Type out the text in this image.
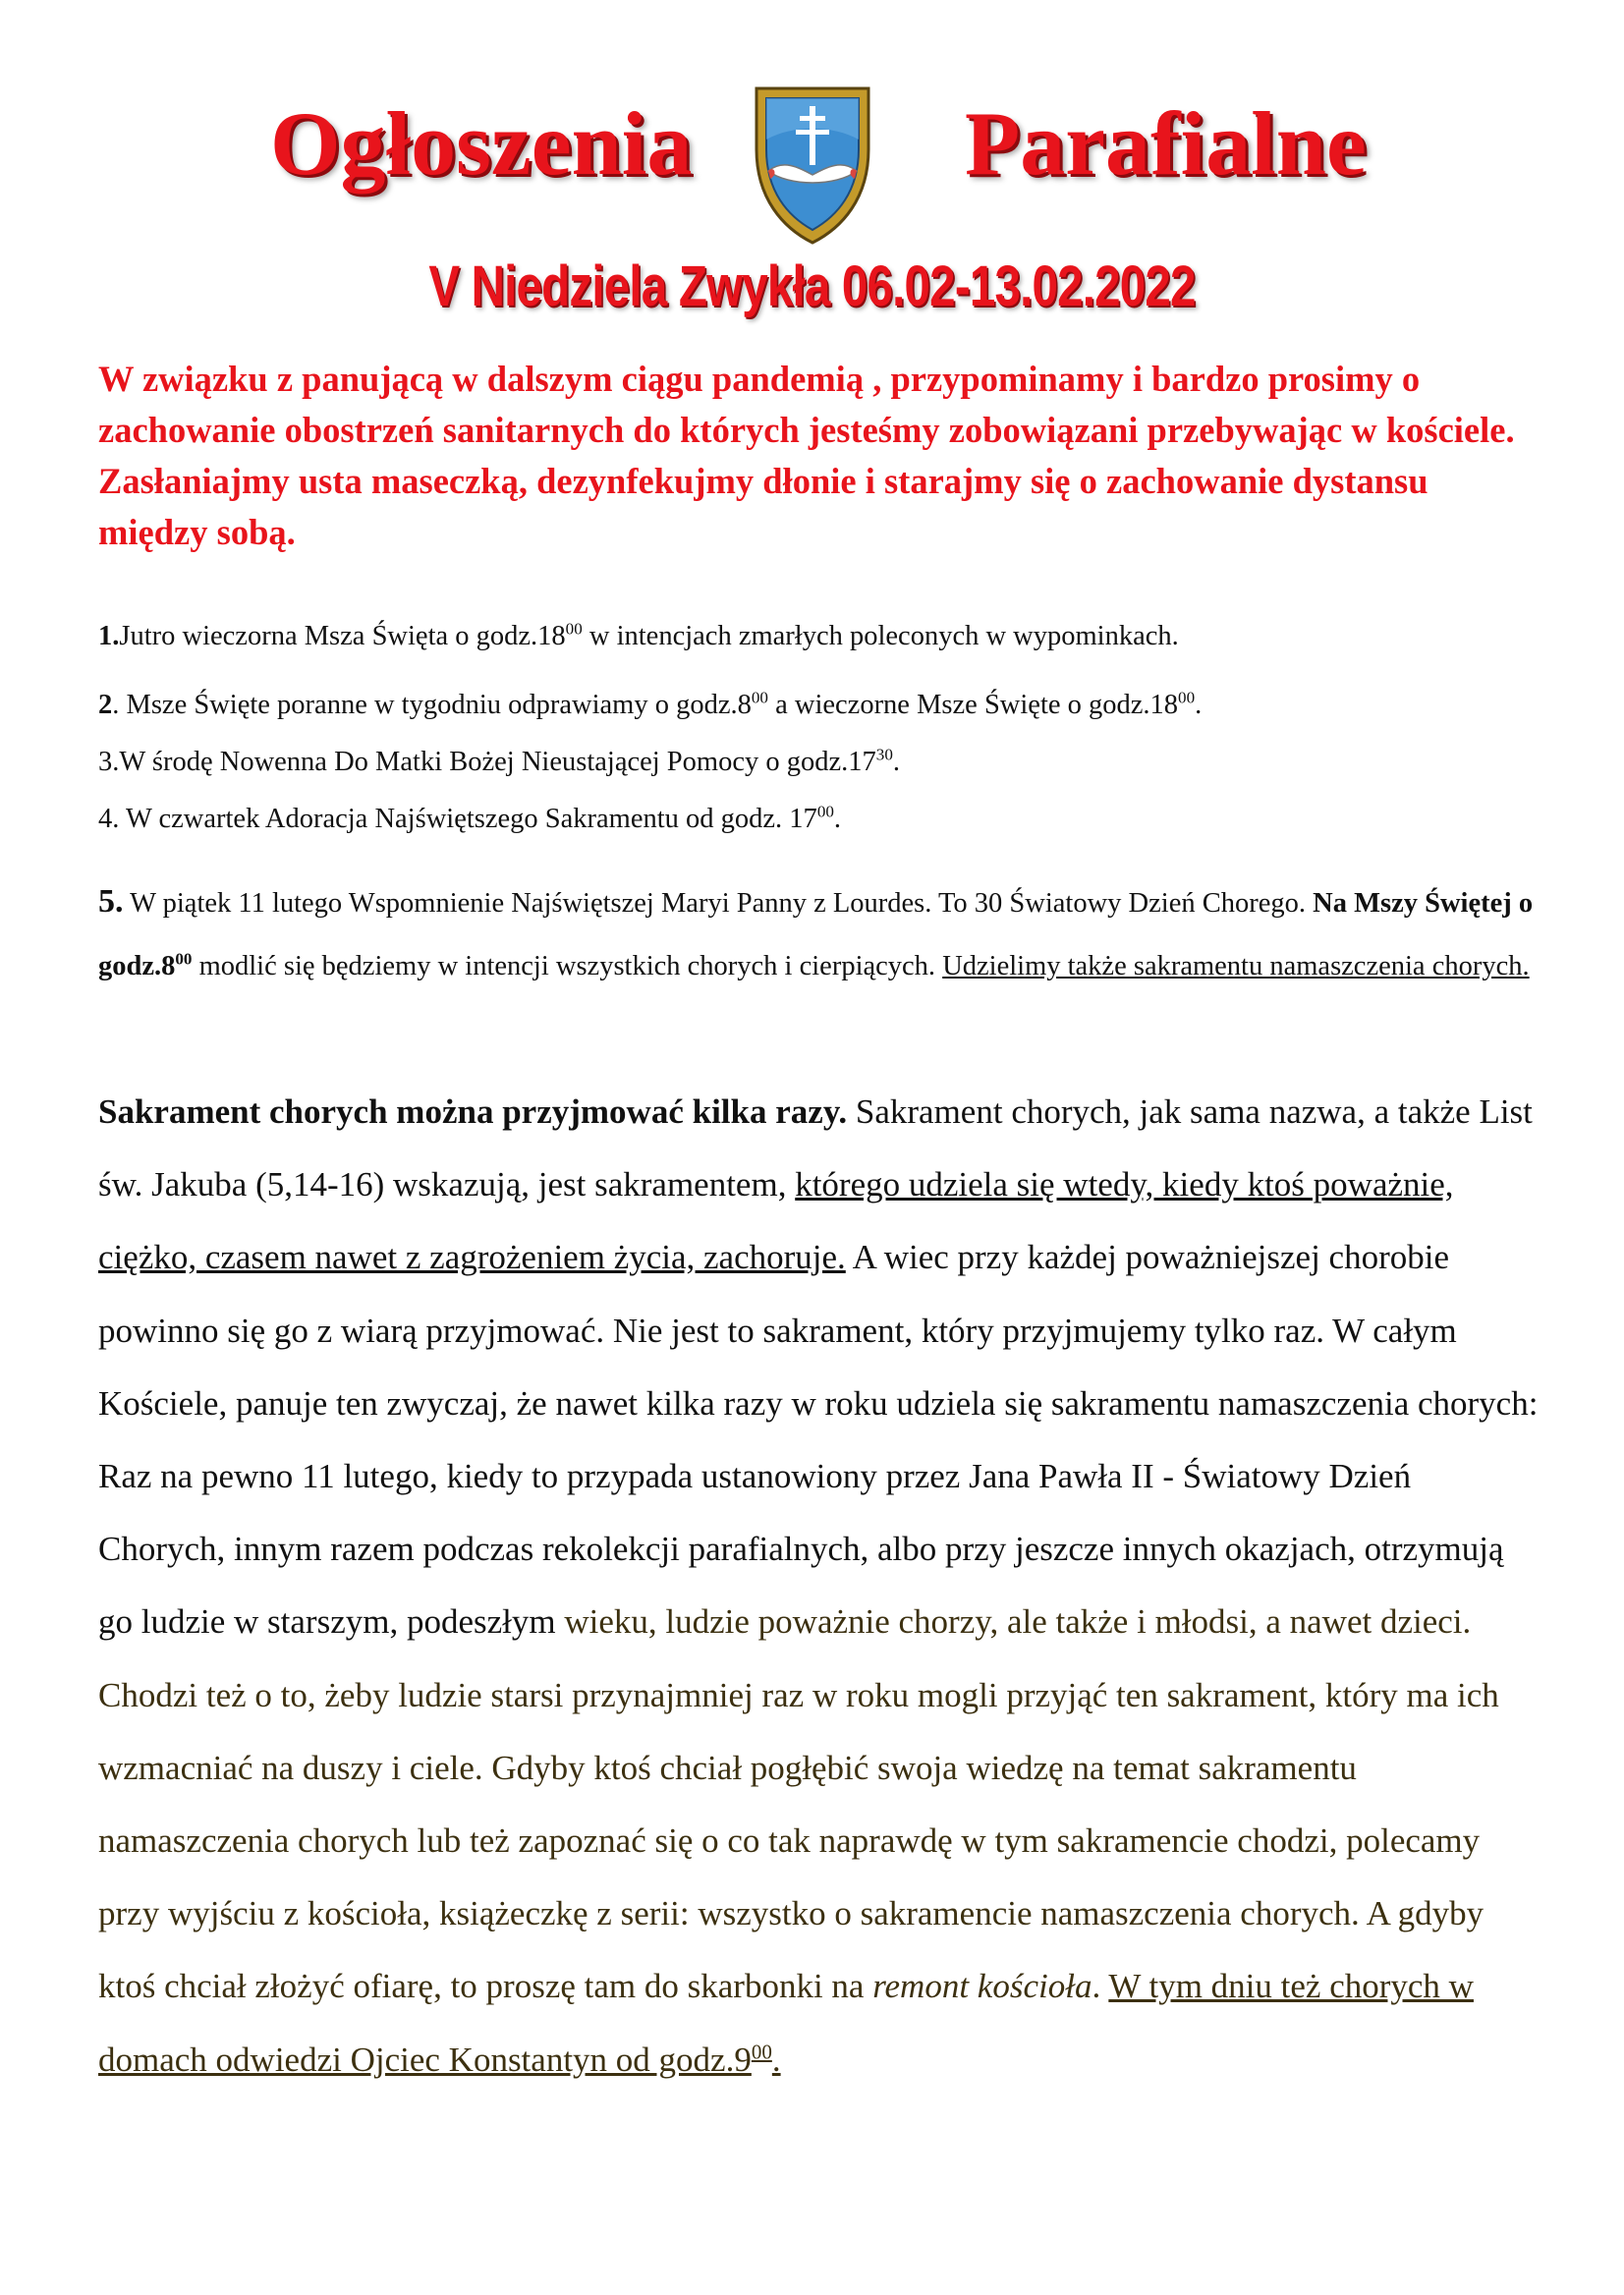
Ogłoszenia	Parafialne
V Niedziela Zwykła 06.02-13.02.2022
W związku z panującą w dalszym ciągu pandemią , przypominamy i bardzo prosimy o zachowanie obostrzeń sanitarnych do których jesteśmy zobowiązani przebywając w kościele. Zasłaniajmy usta maseczką, dezynfekujmy dłonie i starajmy się o zachowanie dystansu między sobą.
1.Jutro wieczorna Msza Święta o $godz.18^{00}$ w intencjach zmarłych poleconych w wypominkach.
2. Msze Święte poranne w tygodniu odprawiamy o $godz.8^{00}$ a wieczorne Msze Święte o $godz.18^{00}$.
3.W środę Nowenna Do Matki Bożej Nieustającej Pomocy o $godz.17^{30}$.
4. W czwartek Adoracja Najświętszego Sakramentu od godz. $17^{00}$.
5. W piątek 11 lutego Wspomnienie Najświętszej Maryi Panny z Lourdes. To 30 Światowy Dzień Chorego. Na Mszy Świętej o $godz.8^{00}$ modlić się będziemy w intencji wszystkich chorych i cierpiących. Udzielimy także sakramentu namaszczenia chorych.
Sakrament chorych można przyjmować kilka razy. Sakrament chorych, jak sama nazwa, a także List św. Jakuba (5,14-16) wskazują, jest sakramentem, którego udziela się wtedy, kiedy ktoś poważnie, ciężko, czasem nawet z zagrożeniem życia, zachoruje. A wiec przy każdej poważniejszej chorobie powinno się go z wiarą przyjmować. Nie jest to sakrament, który przyjmujemy tylko raz. W całym Kościele, panuje ten zwyczaj, że nawet kilka razy w roku udziela się sakramentu namaszczenia chorych: Raz na pewno 11 lutego, kiedy to przypada ustanowiony przez Jana Pawła II - Światowy Dzień Chorych, innym razem podczas rekolekcji parafialnych, albo przy jeszcze innych okazjach, otrzymują go ludzie w starszym, podeszłym wieku, ludzie poważnie chorzy, ale także i młodsi, a nawet dzieci. Chodzi też o to, żeby ludzie starsi przynajmniej raz w roku mogli przyjąć ten sakrament, który ma ich wzmacniać na duszy i ciele. Gdyby ktoś chciał pogłębić swoja wiedzę na temat sakramentu namaszczenia chorych lub też zapoznać się o co tak naprawdę w tym sakramencie chodzi, polecamy przy wyjściu z kościoła, książeczkę z serii: wszystko o sakramencie namaszczenia chorych. A gdyby ktoś chciał złożyć ofiarę, to proszę tam do skarbonki na remont kościoła. W tym dniu też chorych w domach odwiedzi Ojciec Konstantyn od $godz.9^{00}$.
